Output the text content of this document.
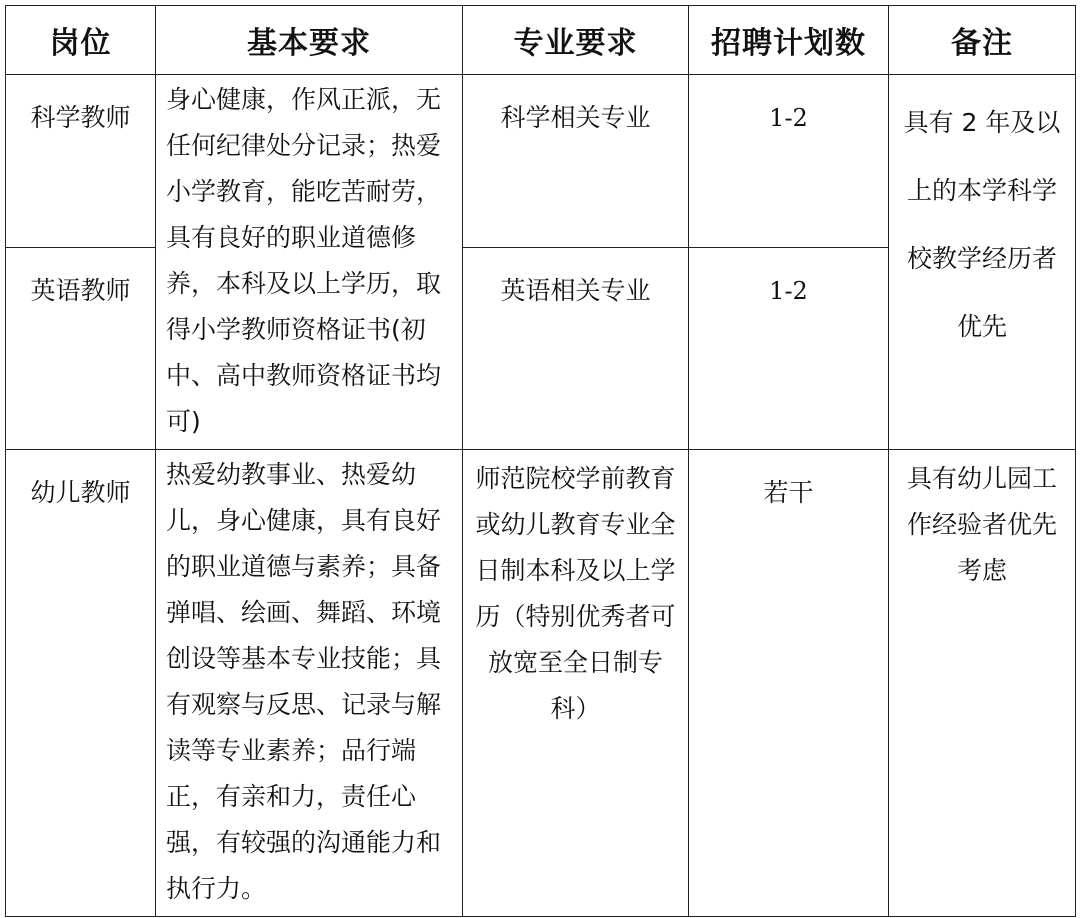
岗位	基本要求	专业要求	招聘计划数	备注
科学教师	身心健康，作风正派，无任何纪律处分记录；热爱小学教育，能吃苦耐劳，具有良好的职业道德修养，本科及以上学历，取得小学教师资格证书(初中、高中教师资格证书均可)	科学相关专业	1-2	具有 2 年及以上的本学科学校教学经历者优先
英语教师		英语相关专业	1-2	
幼儿教师	热爱幼教事业、热爱幼儿，身心健康，具有良好的职业道德与素养；具备弹唱、绘画、舞蹈、环境创设等基本专业技能；具有观察与反思、记录与解读等专业素养；品行端正，有亲和力，责任心强，有较强的沟通能力和执行力。	师范院校学前教育或幼儿教育专业全日制本科及以上学历（特别优秀者可放宽至全日制专科）	若干	具有幼儿园工作经验者优先考虑
